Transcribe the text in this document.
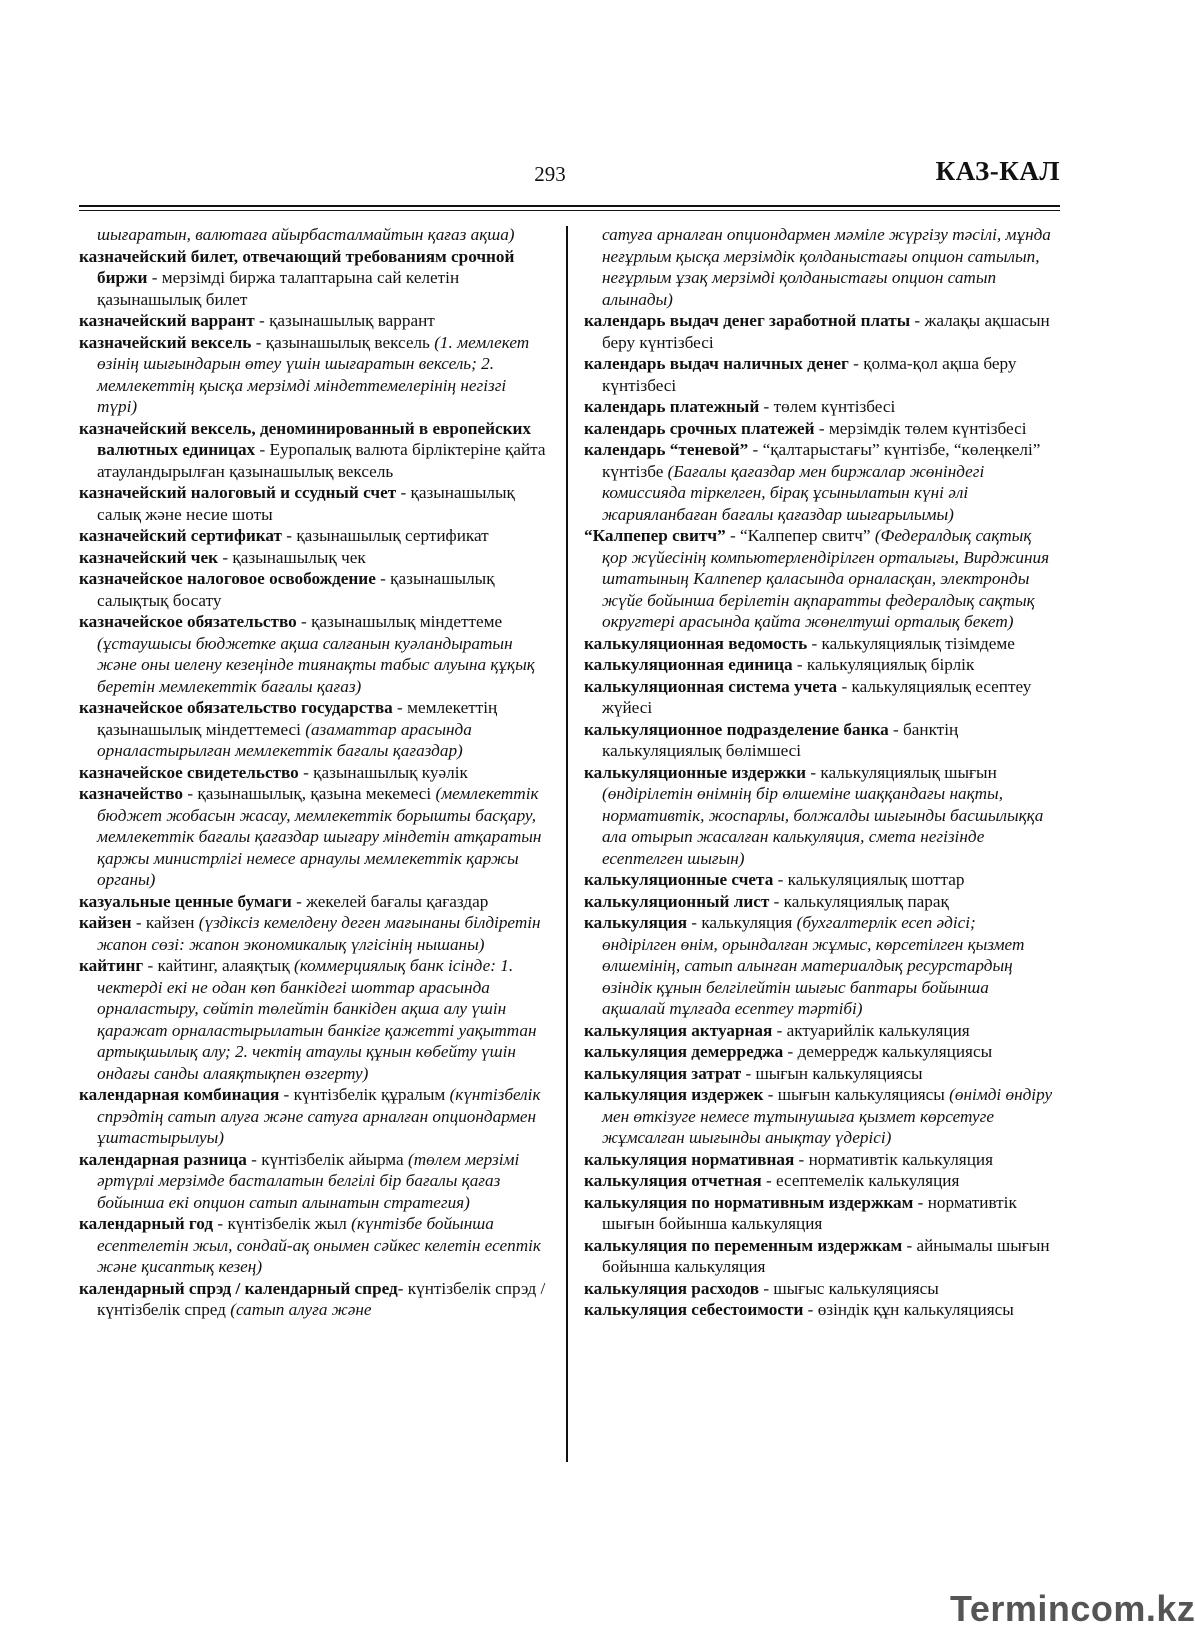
293	КАЗ-КАЛ
шығаратын, валютаға айырбасталмайтын қағаз ақша)
казначейский билет, отвечающий требованиям срочной биржи - мерзімді биржа талаптарына сай келетін қазынашылық билет
казначейский варрант - қазынашылық варрант
казначейский вексель - қазынашылық вексель (1. мемлекет өзінің шығындарын өтеу үшін шығаратын вексель; 2. мемлекеттің қысқа мерзімді міндеттемелерінің негізгі түрі)
казначейский вексель, деноминированный в европейских валютных единицах - Еуропалық валюта бірліктеріне қайта атауландырылған қазынашылық вексель
казначейский налоговый и ссудный счет - қазынашылық салық және несие шоты
казначейский сертификат - қазынашылық сертификат
казначейский чек - қазынашылық чек
казначейское налоговое освобождение - қазынашылық салықтық босату
казначейское обязательство - қазынашылық міндеттеме (ұстаушысы бюджетке ақша салғанын куәландыратын және оны иелену кезеңінде тиянақты табыс алуына құқық беретін мемлекеттік бағалы қағаз)
казначейское обязательство государства - мемлекеттің қазынашылық міндеттемесі (азаматтар арасында орналастырылған мемлекеттік бағалы қағаздар)
казначейское свидетельство - қазынашылық куәлік
казначейство - қазынашылық, қазына мекемесі (мемлекеттік бюджет жобасын жасау, мемлекеттік борышты басқару, мемлекеттік бағалы қағаздар шығару міндетін атқаратын қаржы министрлігі немесе арнаулы мемлекеттік қаржы органы)
казуальные ценные бумаги - жекелей бағалы қағаздар
кайзен - кайзен (үздіксіз кемелдену деген мағынаны білдіретін жапон сөзі: жапон экономикалық үлгісінің нышаны)
кайтинг - кайтинг, алаяқтық (коммерциялық банк ісінде: 1. чектерді екі не одан көп банкідегі шоттар арасында орналастыру, сөйтіп төлейтін банкіден ақша алу үшін қаражат орналастырылатын банкіге қажетті уақыттан артықшылық алу; 2. чектің атаулы құнын көбейту үшін ондағы санды алаяқтықпен өзгерту)
календарная комбинация - күнтізбелік құралым (күнтізбелік спрэдтің сатып алуға және сатуға арналған опциондармен ұштастырылуы)
календарная разница - күнтізбелік айырма (төлем мерзімі әртүрлі мерзімде басталатын белгілі бір бағалы қағаз бойынша екі опцион сатып алынатын стратегия)
календарный год - күнтізбелік жыл (күнтізбе бойынша есептелетін жыл, сондай-ақ онымен сәйкес келетін есептік және қисаптық кезең)
календарный спрэд / календарный спред- күнтізбелік спрэд / күнтізбелік спред (сатып алуға және
сатуға арналған опциондармен мәміле жүргізу тәсілі, мұнда неғұрлым қысқа мерзімдік қолданыстағы опцион сатылып, неғұрлым ұзақ мерзімді қолданыстағы опцион сатып алынады)
календарь выдач денег заработной платы - жалақы ақшасын беру күнтізбесі
календарь выдач наличных денег - қолма-қол ақша беру күнтізбесі
календарь платежный - төлем күнтізбесі
календарь срочных платежей - мерзімдік төлем күнтізбесі
календарь “теневой” - “қалтарыстағы” күнтізбе, “көлеңкелі” күнтізбе (Бағалы қағаздар мен биржалар жөніндегі комиссияда тіркелген, бірақ ұсынылатын күні әлі жарияланбаған бағалы қағаздар шығарылымы)
“Калпепер свитч” - “Калпепер свитч” (Федералдық сақтық қор жүйесінің компьютерлендірілген орталығы, Вирджиния штатының Калпепер қаласында орналасқан, электронды жүйе бойынша берілетін ақпаратты федералдық сақтық округтері арасында қайта жөнелтуші орталық бекет)
калькуляционная ведомость - калькуляциялық тізімдеме
калькуляционная единица - калькуляциялық бірлік
калькуляционная система учета - калькуляциялық есептеу жүйесі
калькуляционное подразделение банка - банктің калькуляциялық бөлімшесі
калькуляционные издержки - калькуляциялық шығын (өндірілетін өнімнің бір өлшеміне шаққандағы нақты, нормативтік, жоспарлы, болжалды шығынды басшылыққа ала отырып жасалған калькуляция, смета негізінде есептелген шығын)
калькуляционные счета - калькуляциялық шоттар
калькуляционный лист - калькуляциялық парақ
калькуляция - калькуляция (бухгалтерлік есеп әдісі; өндірілген өнім, орындалған жұмыс, көрсетілген қызмет өлшемінің, сатып алынған материалдық ресурстардың өзіндік құнын белгілейтін шығыс баптары бойынша ақшалай тұлғада есептеу тәртібі)
калькуляция актуарная - актуарийлік калькуляция
калькуляция демерреджа - демерредж калькуляциясы
калькуляция затрат - шығын калькуляциясы
калькуляция издержек - шығын калькуляциясы (өнімді өндіру мен өткізуге немесе тұтынушыға қызмет көрсетуге жұмсалған шығынды анықтау үдерісі)
калькуляция нормативная - нормативтік калькуляция
калькуляция отчетная - есептемелік калькуляция
калькуляция по нормативным издержкам - нормативтік шығын бойынша калькуляция
калькуляция по переменным издержкам - айнымалы шығын бойынша калькуляция
калькуляция расходов - шығыс калькуляциясы
калькуляция себестоимости - өзіндік құн калькуляциясы
Termincom.kz
